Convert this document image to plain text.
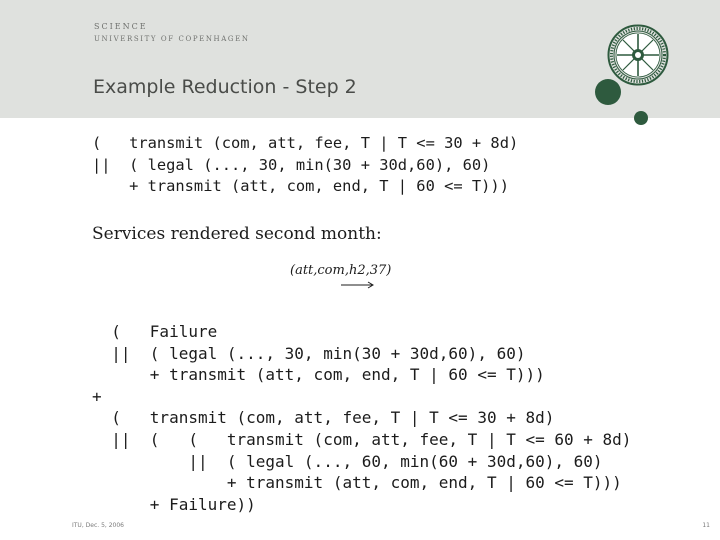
SCIENCE
UNIVERSITY OF COPENHAGEN
Example Reduction - Step 2
(   transmit (com, att, fee, T | T <= 30 + 8d)
||  ( legal (..., 30, min(30 + 30d,60), 60)
+ transmit (att, com, end, T | 60 <= T)))
Services rendered second month:
(att,com,h2,37)
(   Failure
||  ( legal (..., 30, min(30 + 30d,60), 60)
+ transmit (att, com, end, T | 60 <= T)))
+
(   transmit (com, att, fee, T | T <= 30 + 8d)
||  (   (   transmit (com, att, fee, T | T <= 60 + 8d)
||  ( legal (..., 60, min(60 + 30d,60), 60)
+ transmit (att, com, end, T | 60 <= T)))
+ Failure))
ITU, Dec. 5, 2006	11
